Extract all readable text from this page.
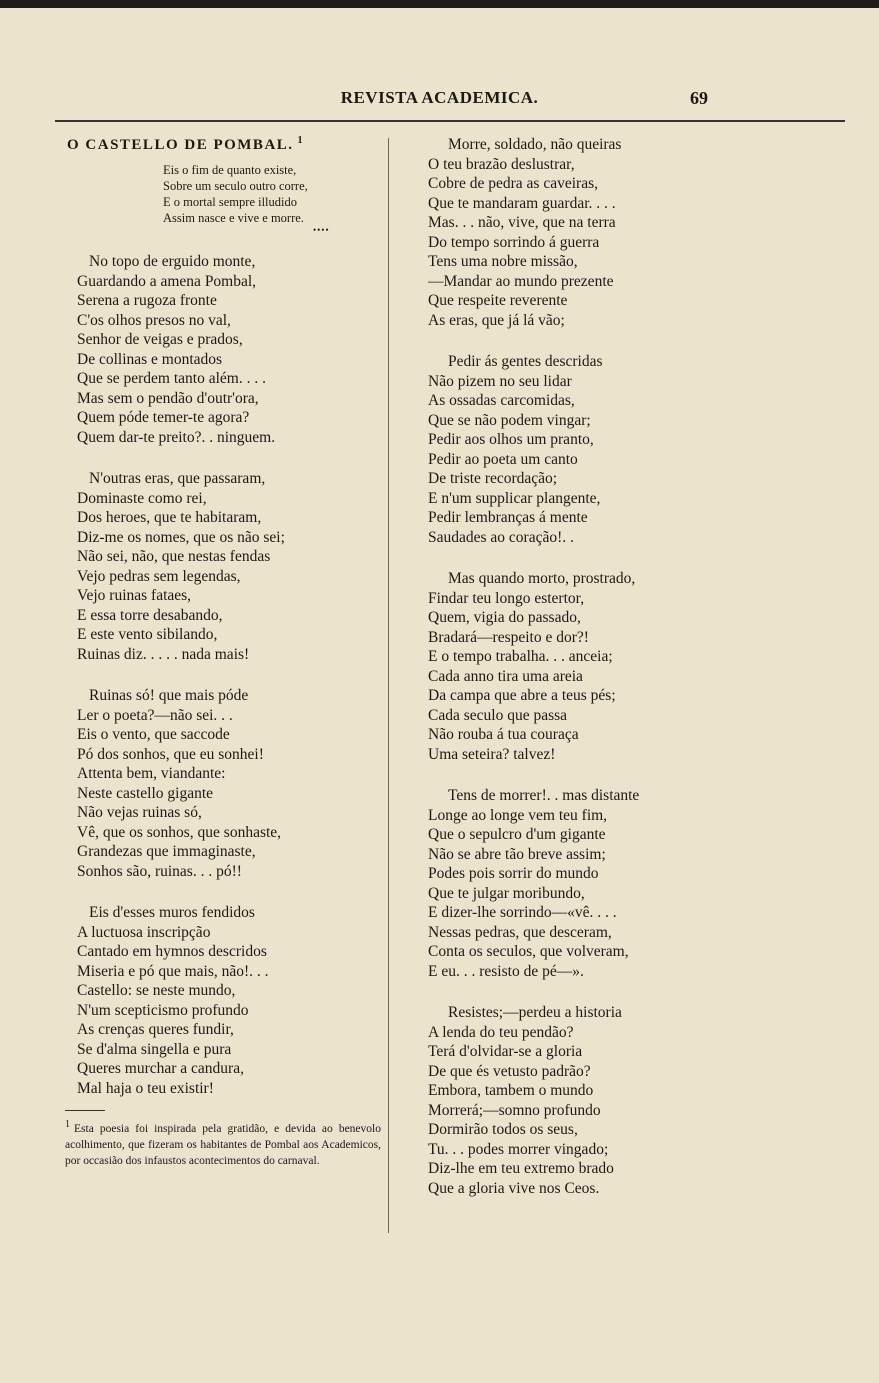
REVISTA ACADEMICA.	69
O CASTELLO DE POMBAL. $^1$
Eis o fim de quanto existe,
Sobre um seculo outro corre,
E o mortal sempre illudido
Assim nasce e vive e morre.
••••
No topo de erguido monte,
Guardando a amena Pombal,
Serena a rugoza fronte
C'os olhos presos no val,
Senhor de veigas e prados,
De collinas e montados
Que se perdem tanto além. . . .
Mas sem o pendão d'outr'ora,
Quem póde temer-te agora?
Quem dar-te preito?. . ninguem.
N'outras eras, que passaram,
Dominaste como rei,
Dos heroes, que te habitaram,
Diz-me os nomes, que os não sei;
Não sei, não, que nestas fendas
Vejo pedras sem legendas,
Vejo ruinas fataes,
E essa torre desabando,
E este vento sibilando,
Ruinas diz. . . . . nada mais!
Ruinas só! que mais póde
Ler o poeta?—não sei. . .
Eis o vento, que saccode
Pó dos sonhos, que eu sonhei!
Attenta bem, viandante:
Neste castello gigante
Não vejas ruinas só,
Vê, que os sonhos, que sonhaste,
Grandezas que immaginaste,
Sonhos são, ruinas. . . pó!!
Eis d'esses muros fendidos
A luctuosa inscripção
Cantado em hymnos descridos
Miseria e pó que mais, não!. . .
Castello: se neste mundo,
N'um scepticismo profundo
As crenças queres fundir,
Se d'alma singella e pura
Queres murchar a candura,
Mal haja o teu existir!
1 Esta poesia foi inspirada pela gratidão, e devida ao benevolo acolhimento, que fizeram os habitantes de Pombal aos Academicos, por occasião dos infaustos acontecimentos do carnaval.
Morre, soldado, não queiras
O teu brazão deslustrar,
Cobre de pedra as caveiras,
Que te mandaram guardar. . . .
Mas. . . não, vive, que na terra
Do tempo sorrindo á guerra
Tens uma nobre missão,
—Mandar ao mundo prezente
Que respeite reverente
As eras, que já lá vão;
Pedir ás gentes descridas
Não pizem no seu lidar
As ossadas carcomidas,
Que se não podem vingar;
Pedir aos olhos um pranto,
Pedir ao poeta um canto
De triste recordação;
E n'um supplicar plangente,
Pedir lembranças á mente
Saudades ao coração!. .
Mas quando morto, prostrado,
Findar teu longo estertor,
Quem, vigia do passado,
Bradará—respeito e dor?!
E o tempo trabalha. . . anceia;
Cada anno tira uma areia
Da campa que abre a teus pés;
Cada seculo que passa
Não rouba á tua couraça
Uma seteira? talvez!
Tens de morrer!. . mas distante
Longe ao longe vem teu fim,
Que o sepulcro d'um gigante
Não se abre tão breve assim;
Podes pois sorrir do mundo
Que te julgar moribundo,
E dizer-lhe sorrindo—«vê. . . .
Nessas pedras, que desceram,
Conta os seculos, que volveram,
E eu. . . resisto de pé—».
Resistes;—perdeu a historia
A lenda do teu pendão?
Terá d'olvidar-se a gloria
De que és vetusto padrão?
Embora, tambem o mundo
Morrerá;—somno profundo
Dormirão todos os seus,
Tu. . . podes morrer vingado;
Diz-lhe em teu extremo brado
Que a gloria vive nos Ceos.
